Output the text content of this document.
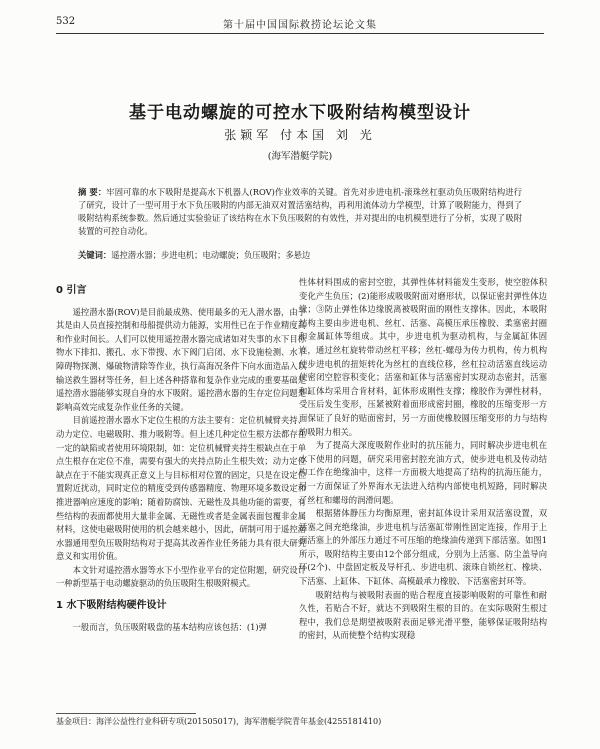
532	第十届中国国际救捞论坛论文集
基于电动螺旋的可控水下吸附结构模型设计
张颖军 付本国 刘 光
(海军潜艇学院)
摘 要：牢固可靠的水下吸附是提高水下机器人(ROV)作业效率的关键。首先对步进电机-滚珠丝杠驱动负压吸附结构进行了研究，设计了一型可用于水下负压吸附的内部无油双对置活塞结构，再利用流体动力学模型，计算了吸附能力，得到了吸附结构系统参数。然后通过实验验证了该结构在水下负压吸附的有效性，并对提出的电机模型进行了分析，实现了吸附装置的可控自动化。
关键词：遥控潜水器；步进电机；电动螺旋；负压吸附；多悬边
0 引言

遥控潜水器(ROV)是目前最成熟、使用最多的无人潜水器，由于其是由人员直接控制和母船提供动力能源，实用性已在于作业精度高和作业时间长。人们可以使用遥控潜水器完成诸如对失事的水下目标物水下排扣、搬孔、水下带搜、水下阀门启闭、水下设施检测、水下障碍物探测、爆破物清除等作业，执行高海况条件下向水面造品入以输送救生器材等任务，但上述各种搭靠和复杂作业完成的重要基础是遥控潜水器能够实现自身的水下吸附。遥控潜水器的生存定位问题是影响高效完成复杂作业任务的关键。

目前遥控潜水器水下定位生根的方法主要有：定位机械臂夹持、动力定位、电磁吸附、推力吸附等。但上述几种定位生根方法都存在一定的缺陷或者使用环境限制，如：定位机械臂夹持生根缺点在于单点生根存在定位不准，需要有强大的夹持点防止生根失效；动力定位缺点在于不能实现真正意义上与目标相对位置的固定，只是在设定位置附近扰动，同时定位的精度受到传感器精度、物理环境多数设定和推进器响应速度的影响；随着防腐蚀、无磁性及具他功能的需要，有些结构的表面都使用大量非金属、无磁性或者是金属表面包覆非金属材料，这使电磁吸附使用的机会越来越小，因此，研制可用于遥控潜水器通用型负压吸附结构对于提高其改善作业任务能力具有很大研究意义和实用价值。

本文针对遥控潜水器等水下小型作业平台的定位附题，研究设计一种新型基于电动螺旋驱动的负压吸附生根吸附模式。

1 水下吸附结构硬件设计

一般而言，负压吸附吸盘的基本结构应该包括：(1)弹

性体材料围成的密封空腔，其弹性体材料能发生变形，使空腔体积变化产生负压；(2)能形成吸吸附面对磨形状，以保证密封弹性体边缘；③防止弹性体边缘脱离被吸附面的刚性支撑体。因此，本吸附结构主要由步进电机、丝杠、活塞、高模压承压橡胶、柔塞密封圈和金属缸体等组成。其中，步进电机为驱动机构，与金属缸体固连，通过丝杠旋转带动丝杠平移；丝杠-螺母为传力机构，传力机构使步进电机的扭矩转化为丝杠的直线位移，丝杠拉动活塞直线运动使密闭空腔容积变化；活塞和缸体与活塞密封实现动态密封，活塞和缸体均采用合肯材料，缸体形成刚性支撑；橡胶作为弹性材料，受压后发生变形，压紧被附着面形成密封圈，橡胶的压缩变形一方面保证了良好的贴面密封，另一方面使橡胶圆压缩变形的力与结构的吸附力相关。

为了提高大深度吸附作业时的抗压能力，同时解决步进电机在水下使用的问题，研究采用密封腔充油方式，使步进电机及传动结构工作在绝缘油中，这样一方面极大地提高了结构的抗海压能力，另一方面保证了外界海水无法进入结构内部使电机短路，同时解决了丝杠和螺母的润滑问题。

根据猪体静压力均衡原理，密封缸体设计采用双活塞设置，双活塞之间充绝缘油，步进电机与活塞缸带刚性固定连接，作用于上面活塞上的外部压力通过不可压缩的绝缘油传递到下部活塞。如图1所示，吸附结构主要由12个部分组成，分别为上活塞、防尘盖导向环(2个)、中盘固定板及导杆孔、步进电机、滚珠自锁丝杠、橡块、下活塞、上缸体、下缸体、高模最承力橡胶、下活塞密封环等。

吸附结构与被吸附表面的贴合程度直接影响吸附的可靠性和耐久性，若贴合不好，就达不到吸附生根的目的。在实际吸附生根过程中，我们总是期望被吸附表面足够光滑平整，能够保证吸附结构的密封，从而使整个结构实现稳

基金项目：海洋公益性行业科研专项(201505017)，海军潜艇学院青年基金(4255181410)
